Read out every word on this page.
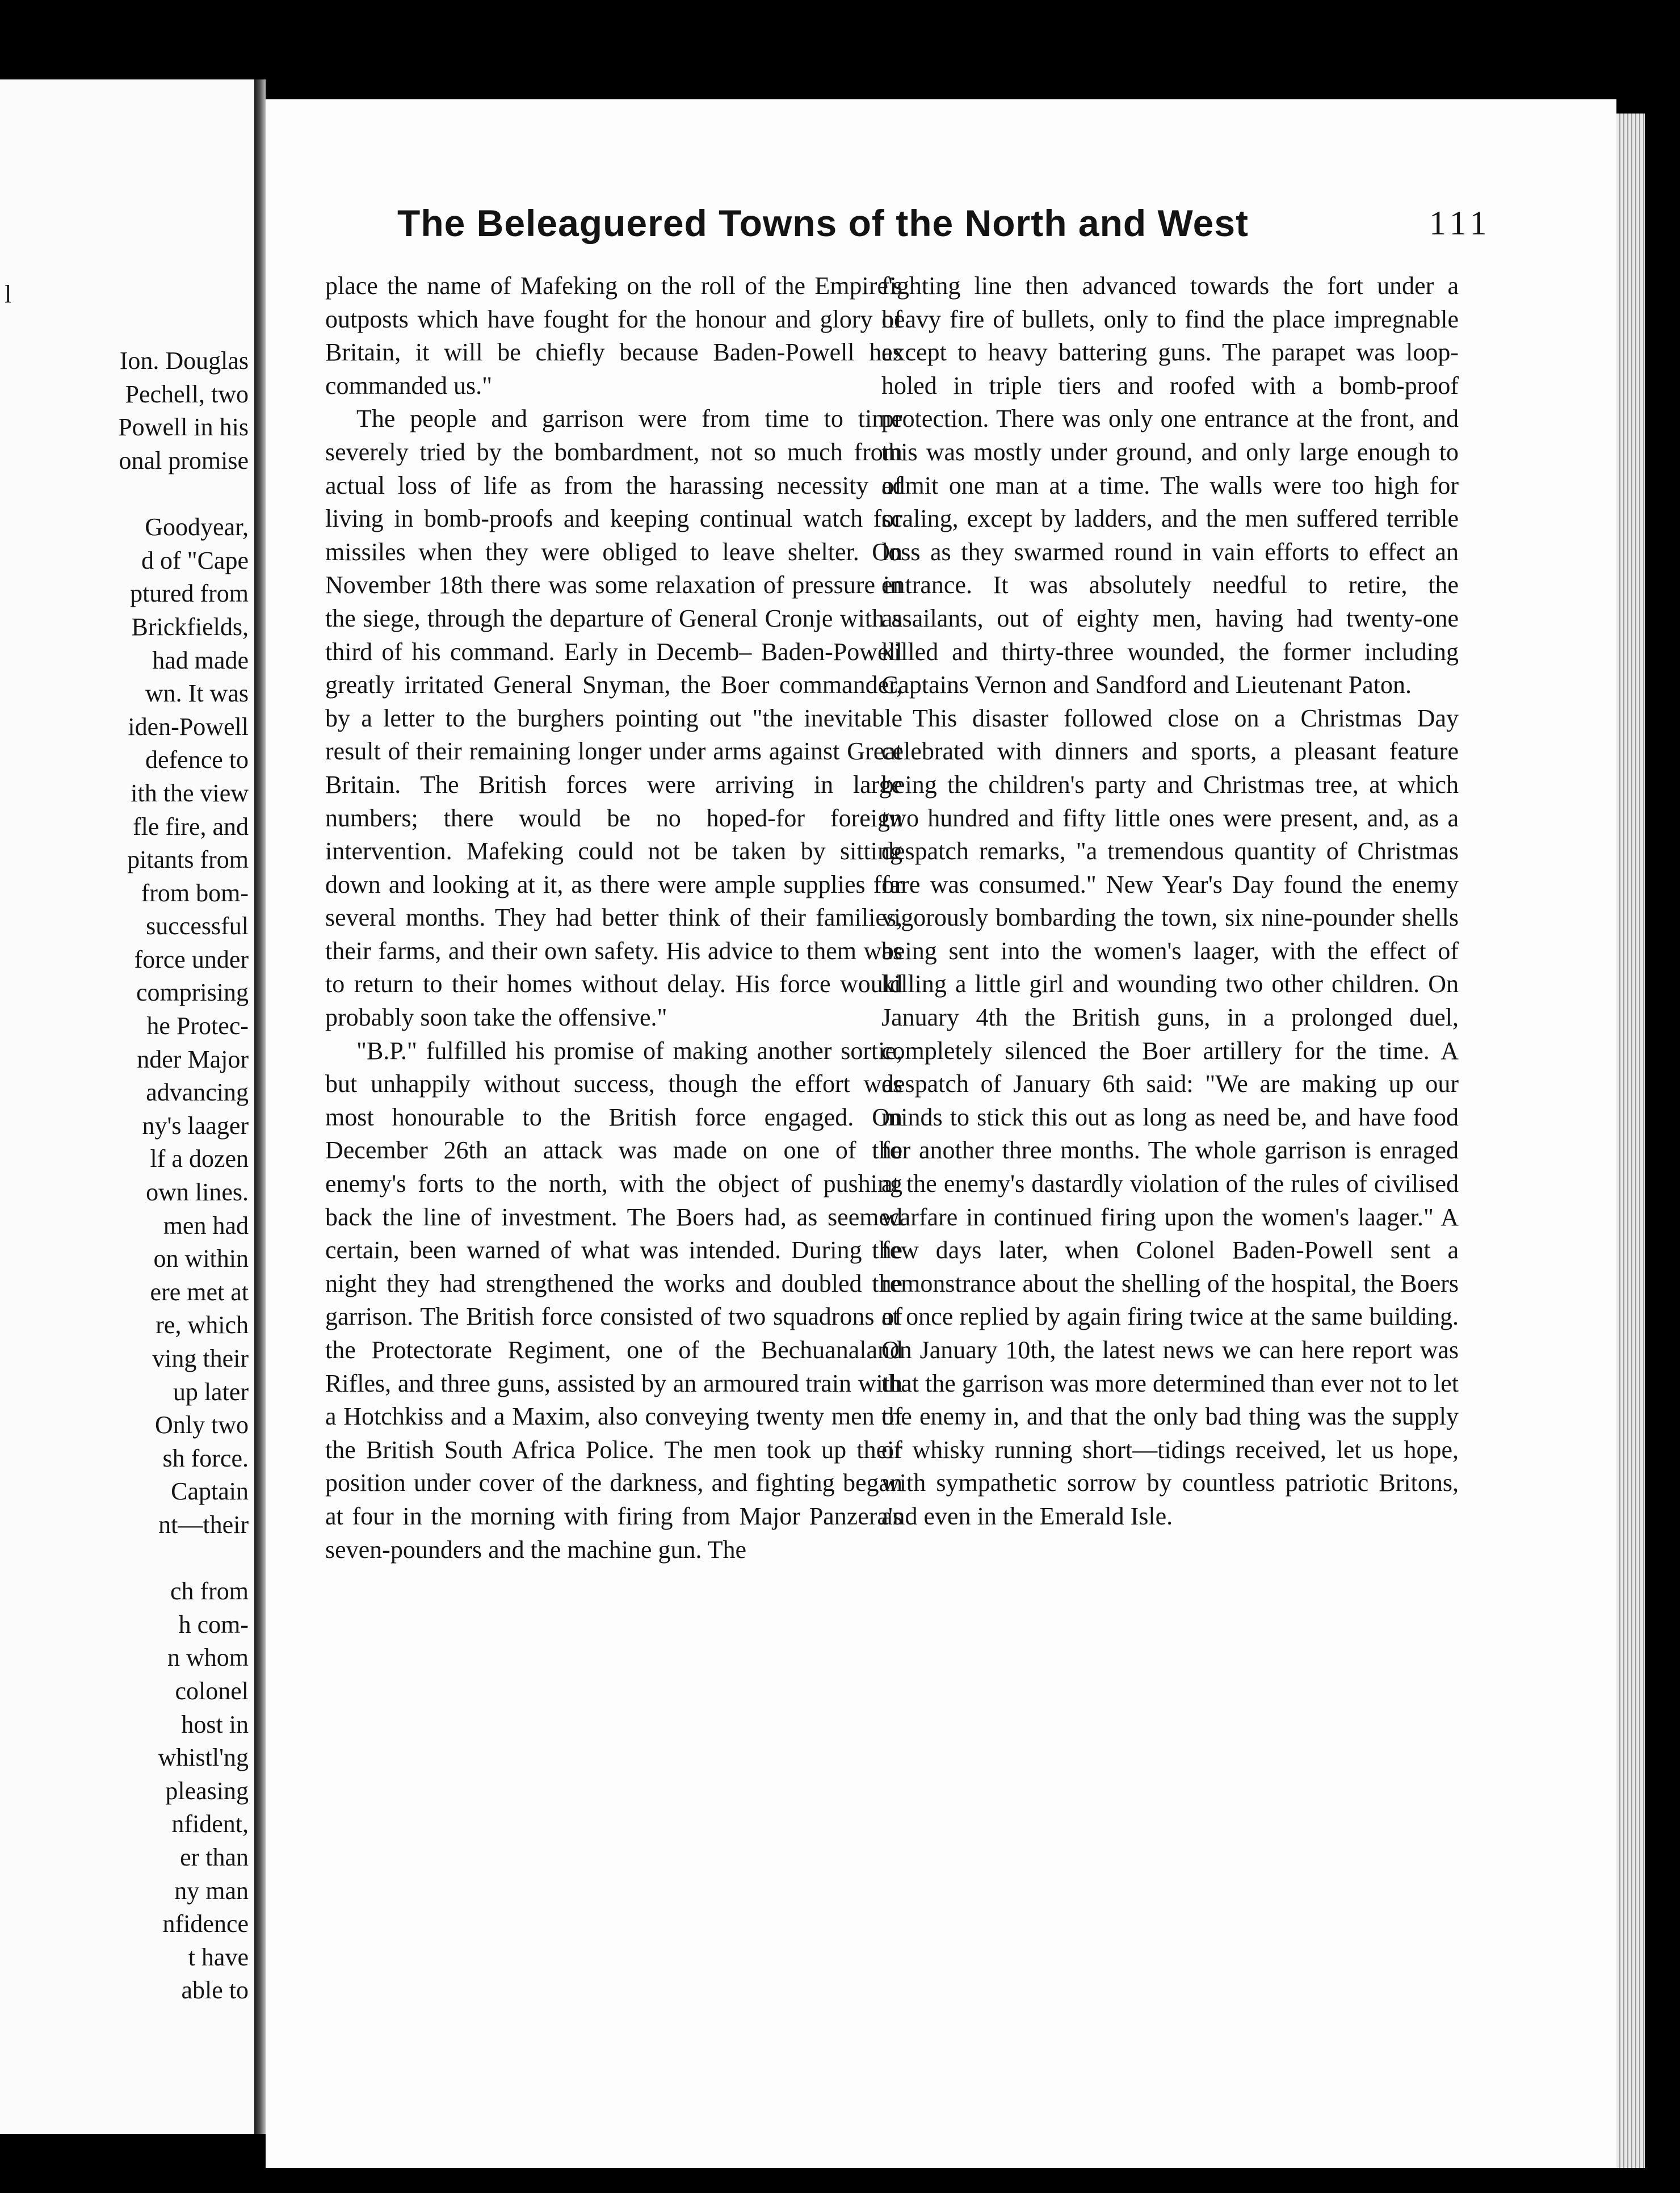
l
Ion. Douglas
Pechell, two
Powell in his
onal promise
Goodyear,
d of "Cape
ptured from
Brickfields,
had made
wn. It was
iden-Powell
defence to
ith the view
fle fire, and
pitants from
from bom-
successful
force under
comprising
he Protec-
nder Major
advancing
ny's laager
lf a dozen
own lines.
men had
on within
ere met at
re, which
ving their
up later
Only two
sh force.
Captain
nt—their
ch from
h com-
n whom
colonel
host in
whistl'ng
pleasing
nfident,
er than
ny man
nfidence
t have
able to
The Beleaguered Towns of the North and West	111

place the name of Mafeking on the roll of the Empire's outposts which have fought for the honour and glory of Britain, it will be chiefly because Baden-Powell has commanded us."

The people and garrison were from time to time severely tried by the bombardment, not so much from actual loss of life as from the harassing necessity of living in bomb-proofs and keeping continual watch for missiles when they were obliged to leave shelter. On November 18th there was some relaxation of pressure in the siege, through the departure of General Cronje with a third of his command. Early in Decemb– Baden-Powell greatly irritated General Snyman, the Boer commander, by a letter to the burghers pointing out "the inevitable result of their remaining longer under arms against Great Britain. The British forces were arriving in large numbers; there would be no hoped-for foreign intervention. Mafeking could not be taken by sitting down and looking at it, as there were ample supplies for several months. They had better think of their families, their farms, and their own safety. His advice to them was to return to their homes without delay. His force would probably soon take the offensive."

"B.P." fulfilled his promise of making another sortie, but unhappily without success, though the effort was most honourable to the British force engaged. On December 26th an attack was made on one of the enemy's forts to the north, with the object of pushing back the line of investment. The Boers had, as seemed certain, been warned of what was intended. During the night they had strengthened the works and doubled the garrison. The British force consisted of two squadrons of the Protectorate Regiment, one of the Bechuanaland Rifles, and three guns, assisted by an armoured train with a Hotchkiss and a Maxim, also conveying twenty men of the British South Africa Police. The men took up their position under cover of the darkness, and fighting began at four in the morning with firing from Major Panzera's seven-pounders and the machine gun. The

fighting line then advanced towards the fort under a heavy fire of bullets, only to find the place impregnable except to heavy battering guns. The parapet was loop-holed in triple tiers and roofed with a bomb-proof protection. There was only one entrance at the front, and this was mostly under ground, and only large enough to admit one man at a time. The walls were too high for scaling, except by ladders, and the men suffered terrible loss as they swarmed round in vain efforts to effect an entrance. It was absolutely needful to retire, the assailants, out of eighty men, having had twenty-one killed and thirty-three wounded, the former including Captains Vernon and Sandford and Lieutenant Paton.

This disaster followed close on a Christmas Day celebrated with dinners and sports, a pleasant feature being the children's party and Christmas tree, at which two hundred and fifty little ones were present, and, as a despatch remarks, "a tremendous quantity of Christmas fare was consumed." New Year's Day found the enemy vigorously bombarding the town, six nine-pounder shells being sent into the women's laager, with the effect of killing a little girl and wounding two other children. On January 4th the British guns, in a prolonged duel, completely silenced the Boer artillery for the time. A despatch of January 6th said: "We are making up our minds to stick this out as long as need be, and have food for another three months. The whole garrison is enraged at the enemy's dastardly violation of the rules of civilised warfare in continued firing upon the women's laager." A few days later, when Colonel Baden-Powell sent a remonstrance about the shelling of the hospital, the Boers at once replied by again firing twice at the same building. On January 10th, the latest news we can here report was that the garrison was more determined than ever not to let the enemy in, and that the only bad thing was the supply of whisky running short—tidings received, let us hope, with sympathetic sorrow by countless patriotic Britons, and even in the Emerald Isle.
